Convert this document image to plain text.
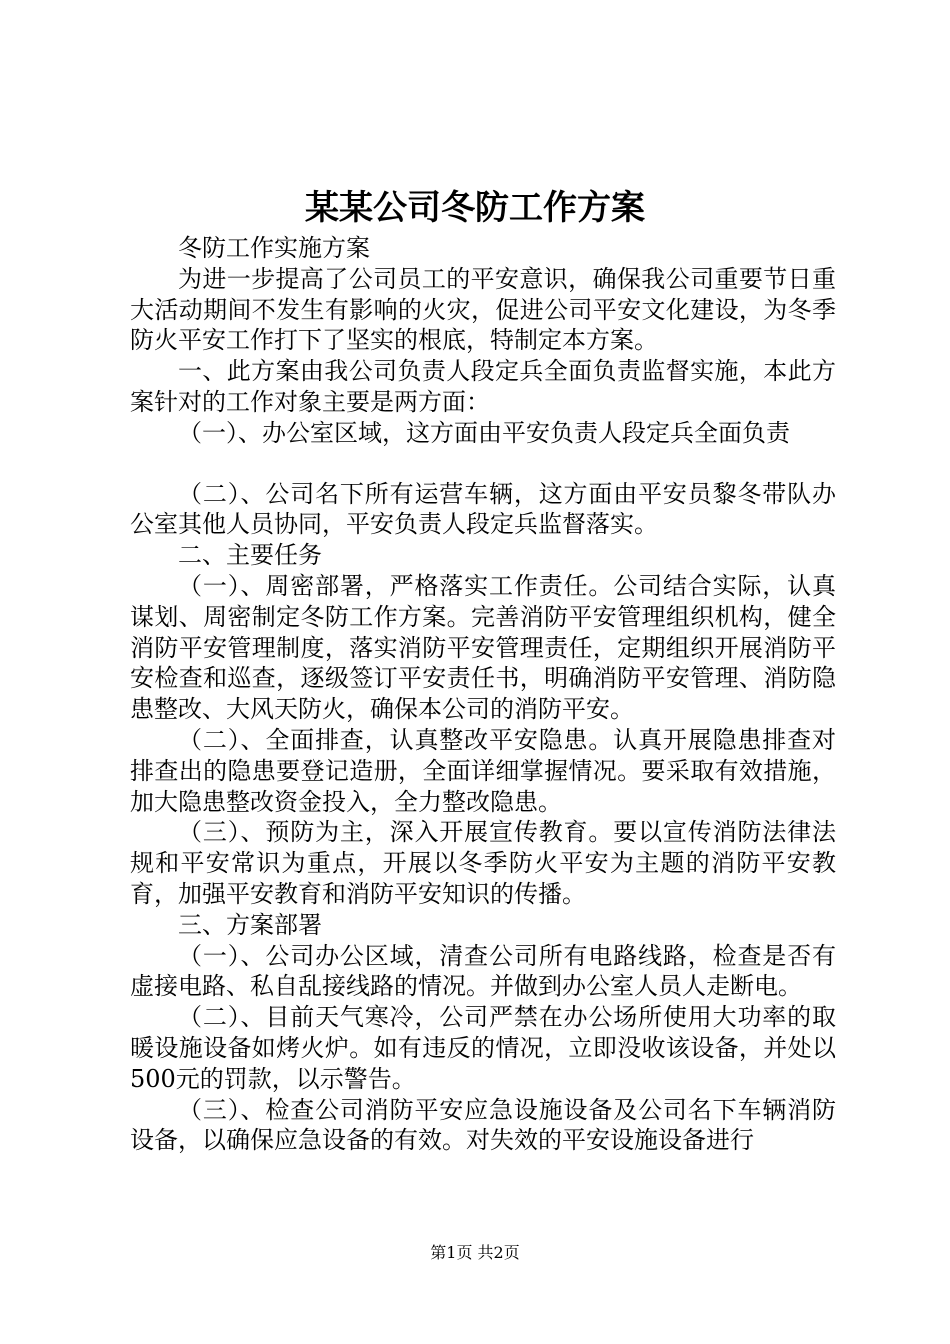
某某公司冬防工作方案

冬防工作实施方案

为进一步提高了公司员工的平安意识，确保我公司重要节日重大活动期间不发生有影响的火灾，促进公司平安文化建设，为冬季防火平安工作打下了坚实的根底，特制定本方案。

一、此方案由我公司负责人段定兵全面负责监督实施，本此方案针对的工作对象主要是两方面：

（一）、办公室区域，这方面由平安负责人段定兵全面负责

（二）、公司名下所有运营车辆，这方面由平安员黎冬带队办公室其他人员协同，平安负责人段定兵监督落实。

二、主要任务

（一）、周密部署，严格落实工作责任。公司结合实际，认真谋划、周密制定冬防工作方案。完善消防平安管理组织机构，健全消防平安管理制度，落实消防平安管理责任，定期组织开展消防平安检查和巡查，逐级签订平安责任书，明确消防平安管理、消防隐患整改、大风天防火，确保本公司的消防平安。

（二）、全面排查，认真整改平安隐患。认真开展隐患排查对排查出的隐患要登记造册，全面详细掌握情况。要采取有效措施，加大隐患整改资金投入，全力整改隐患。

（三）、预防为主，深入开展宣传教育。要以宣传消防法律法规和平安常识为重点，开展以冬季防火平安为主题的消防平安教育，加强平安教育和消防平安知识的传播。

三、方案部署

（一）、公司办公区域，清查公司所有电路线路，检查是否有虚接电路、私自乱接线路的情况。并做到办公室人员人走断电。

（二）、目前天气寒冷，公司严禁在办公场所使用大功率的取暖设施设备如烤火炉。如有违反的情况，立即没收该设备，并处以500元的罚款，以示警告。

（三）、检查公司消防平安应急设施设备及公司名下车辆消防设备，以确保应急设备的有效。对失效的平安设施设备进行

第1页 共2页
